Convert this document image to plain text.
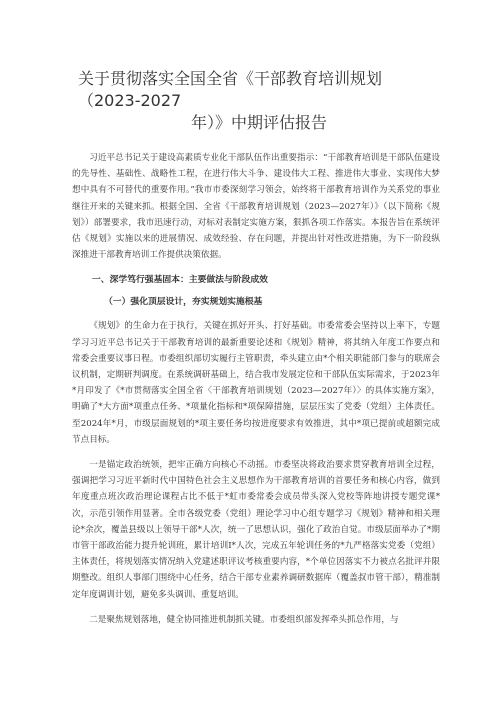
关于贯彻落实全国全省《干部教育培训规划（2023-2027
年）》中期评估报告

习近平总书记关于建设高素质专业化干部队伍作出重要指示：“干部教育培训是干部队伍建设的先导性、基础性、战略性工程，在进行伟大斗争、建设伟大工程、推进伟大事业、实现伟大梦想中具有不可替代的重要作用。”我市市委深刻学习领会，始终将干部教育培训作为关系党的事业继往开来的关键来抓。根据全国、全省《干部教育培训规划（2023—2027年）》（以下简称《规划》）部署要求，我市迅速行动，对标对表制定实施方案，狠抓各项工作落实。本报告旨在系统评估《规划》实施以来的进展情况、成效经验、存在问题，并提出针对性改进措施，为下一阶段纵深推进干部教育培训工作提供决策依据。

一、深学笃行强基固本：主要做法与阶段成效
（一）强化顶层设计，夯实规划实施根基

《规划》的生命力在于执行，关键在抓好开头、打好基础。市委常委会坚持以上率下，专题学习习近平总书记关于干部教育培训的最新重要论述和《规划》精神，将其纳入年度工作要点和常委会重要议事日程。市委组织部切实履行主管职责，牵头建立由*个相关职能部门参与的联席会议机制，定期研判调度。在系统调研基础上，结合我市发展定位和干部队伍实际需求，于2023年*月印发了《*市贯彻落实全国全省〈干部教育培训规划（2023—2027年）〉的具体实施方案》，明确了*大方面*项重点任务、*项量化指标和*项保障措施，层层压实了党委（党组）主体责任。至2024年*月，市级层面规划的*项主要任务均按进度要求有效推进，其中*项已提前或超额完成节点目标。

一是锚定政治统领，把牢正确方向核心不动摇。市委坚决将政治要求贯穿教育培训全过程，强调把学习习近平新时代中国特色社会主义思想作为干部教育培训的首要任务和核心内容，做到年度重点班次政治理论课程占比不低于*虹市委常委会成员带头深入党校等阵地讲授专题党课*次，示范引领作用显著。全市各级党委（党组）理论学习中心组专题学习《规划》精神和相关理论*余次，覆盖县级以上领导干部*人次，统一了思想认识，强化了政治自觉。市级层面举办了*期市管干部政治能力提升轮训班，累计培训I*人次，完成五年轮训任务的*九严格落实党委（党组）主体责任，将规划落实情况纳入党建述职评议考核重要内容，*个单位因落实不力被点名批评并限期整改。组织人事部门围绕中心任务，结合干部专业素养调研数据库（覆盖叔市管干部），精准制定年度调训计划，避免多头调训、重复培训。

二是聚焦规划落地，健全协同推进机制抓关键。市委组织部发挥牵头抓总作用，与
